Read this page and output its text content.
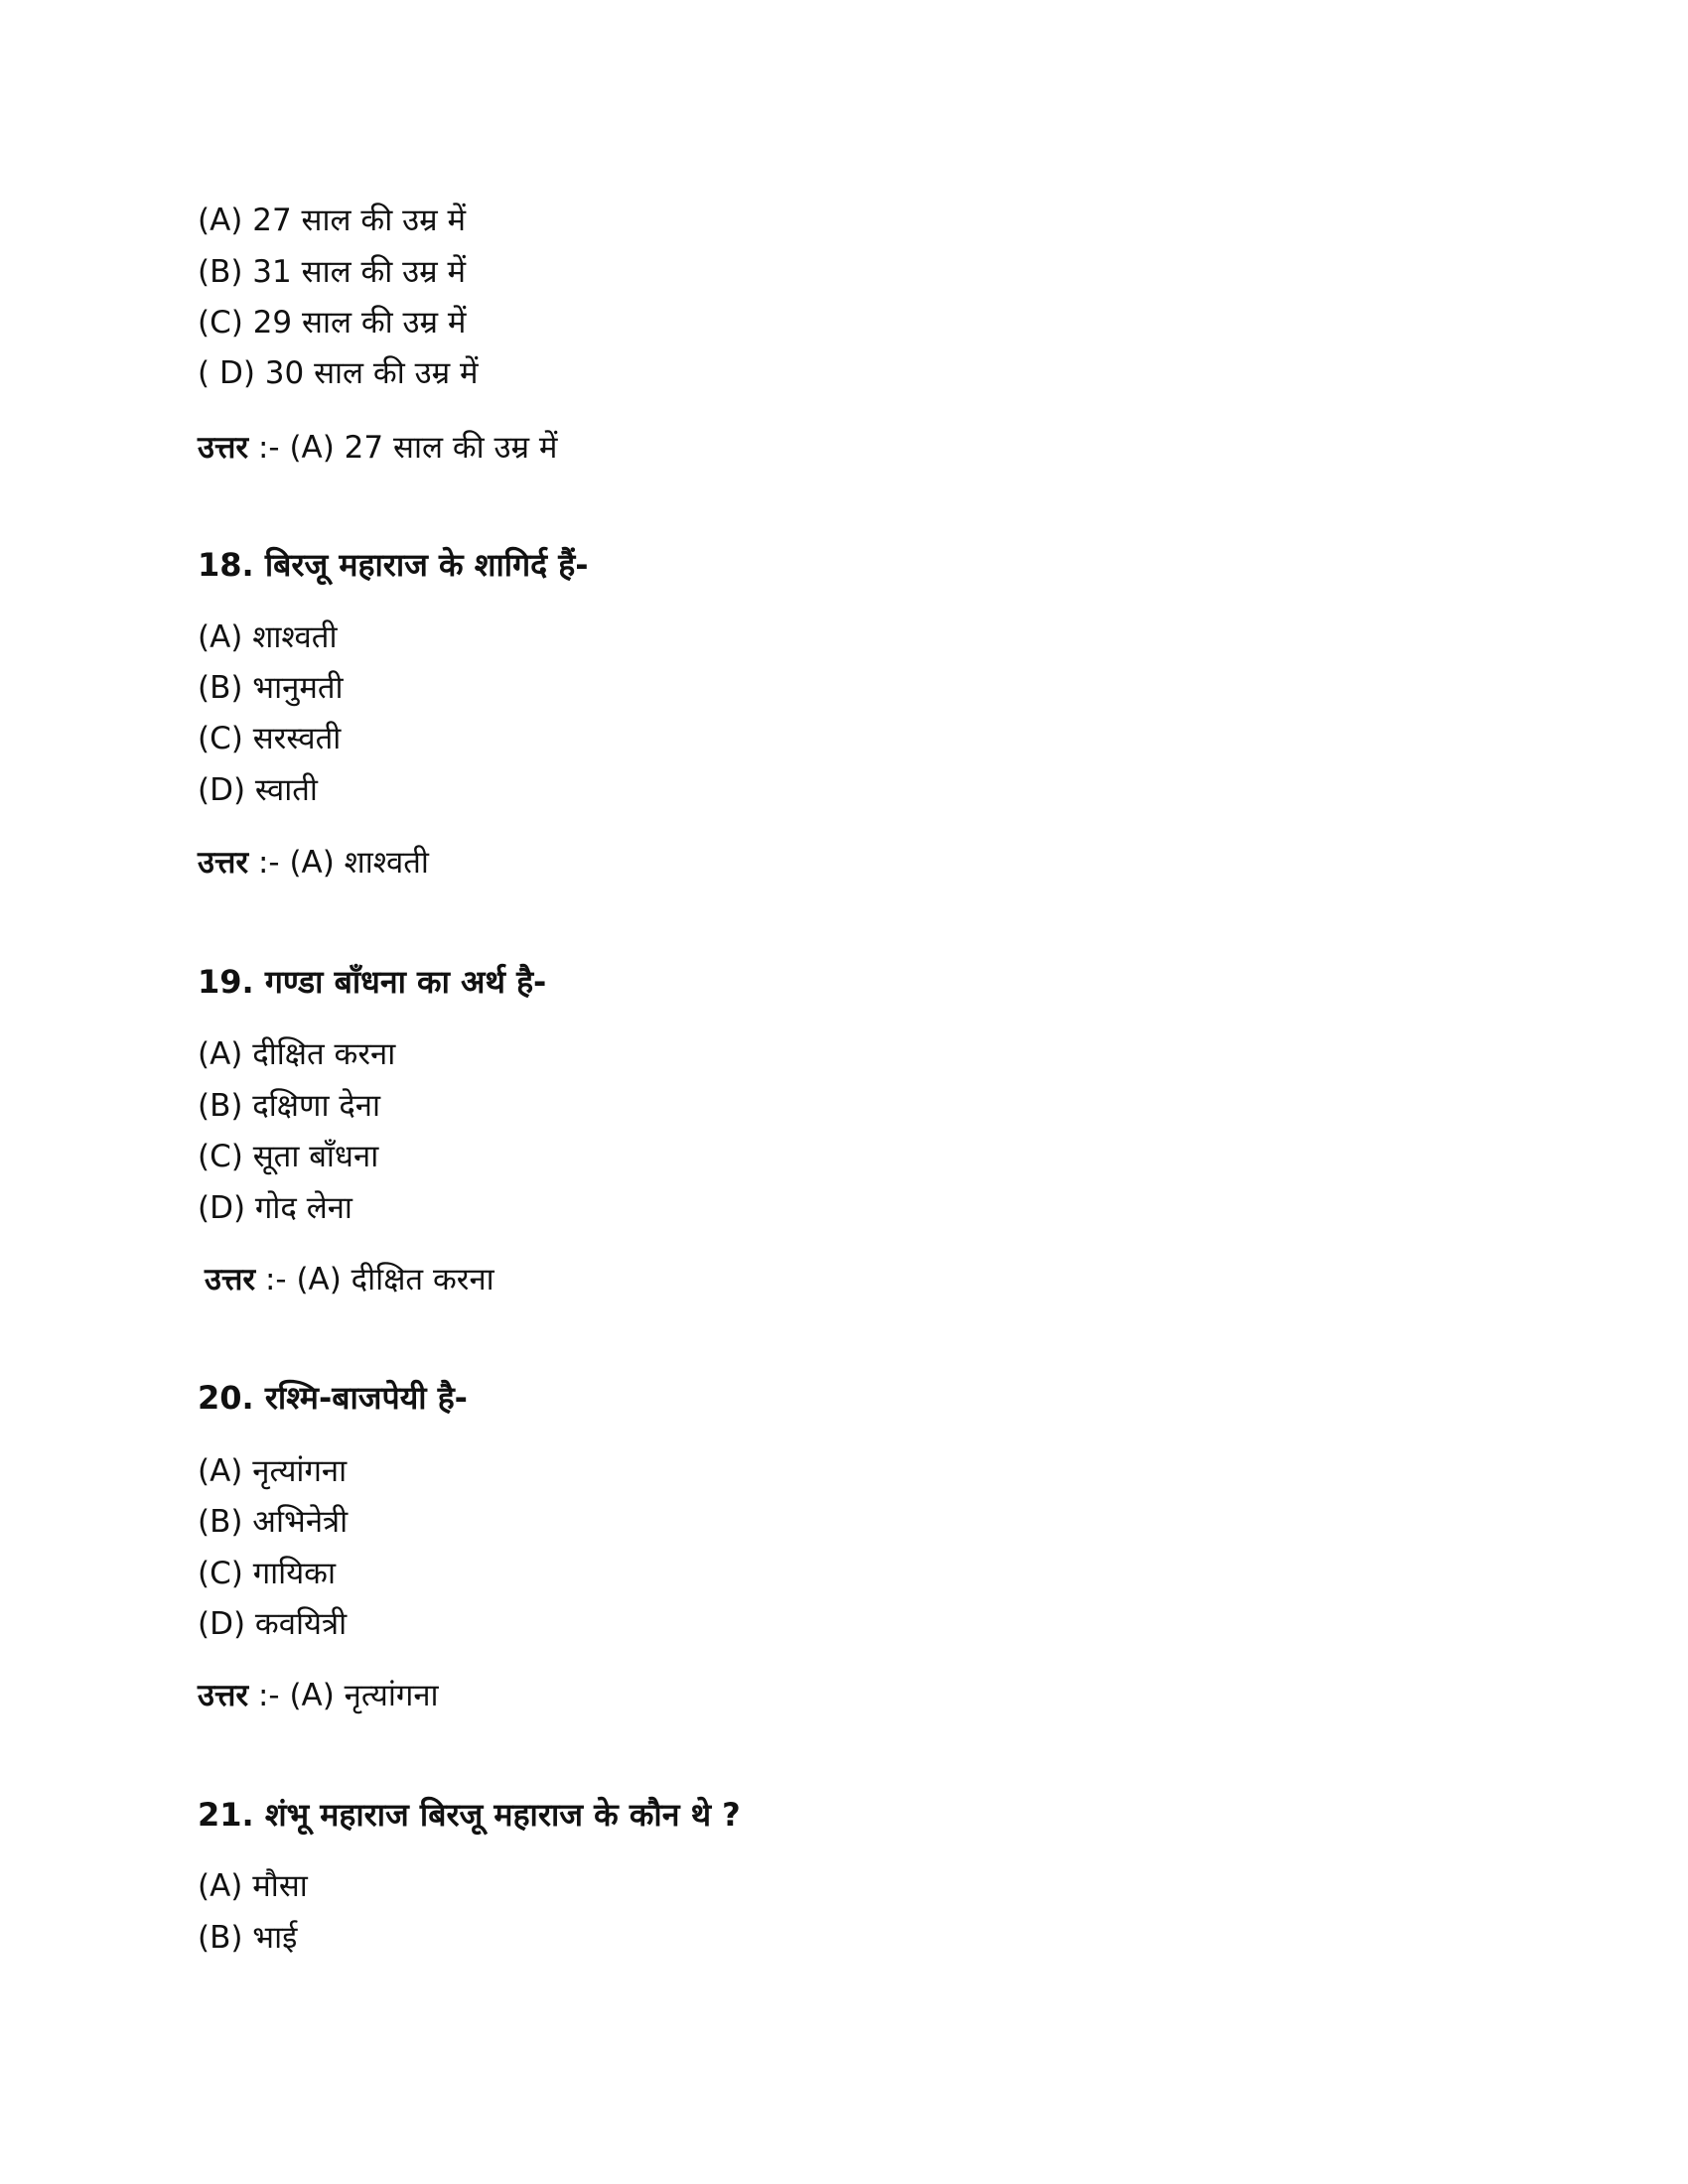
(A) 27 साल की उम्र में
(B) 31 साल की उम्र में
(C) 29 साल की उम्र में
( D) 30 साल की उम्र में
उत्तर :- (A) 27 साल की उम्र में
18. बिरजू महाराज के शागिर्द हैं-
(A) शाश्वती
(B) भानुमती
(C) सरस्वती
(D) स्वाती
उत्तर :- (A) शाश्वती
19. गण्डा बाँधना का अर्थ है-
(A) दीक्षित करना
(B) दक्षिणा देना
(C) सूता बाँधना
(D) गोद लेना
उत्तर :- (A) दीक्षित करना
20. रश्मि-बाजपेयी है-
(A) नृत्यांगना
(B) अभिनेत्री
(C) गायिका
(D) कवयित्री
उत्तर :- (A) नृत्यांगना
21. शंभू महाराज बिरजू महाराज के कौन थे ?
(A) मौसा
(B) भाई
